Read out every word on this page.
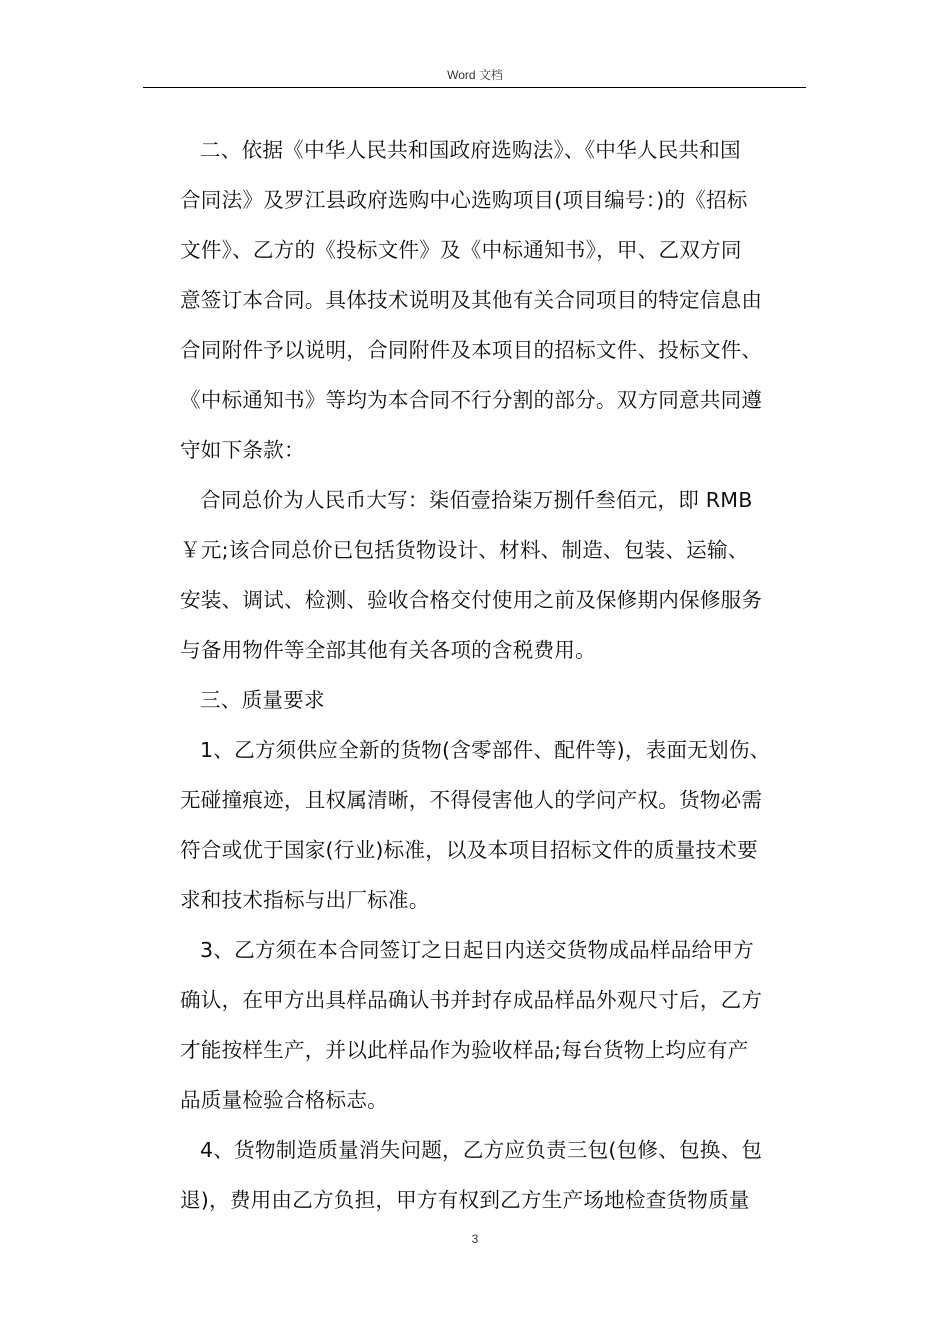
Word 文档

二、依据《中华人民共和国政府选购法》、《中华人民共和国
合同法》及罗江县政府选购中心选购项目(项目编号：)的《招标
文件》、乙方的《投标文件》及《中标通知书》，甲、乙双方同
意签订本合同。具体技术说明及其他有关合同项目的特定信息由
合同附件予以说明，合同附件及本项目的招标文件、投标文件、
《中标通知书》等均为本合同不行分割的部分。双方同意共同遵
守如下条款：

合同总价为人民币大写：柒佰壹拾柒万捌仟叁佰元，即 RMB
￥元;该合同总价已包括货物设计、材料、制造、包装、运输、
安装、调试、检测、验收合格交付使用之前及保修期内保修服务
与备用物件等全部其他有关各项的含税费用。

三、质量要求

1、乙方须供应全新的货物(含零部件、配件等)，表面无划伤、
无碰撞痕迹，且权属清晰，不得侵害他人的学问产权。货物必需
符合或优于国家(行业)标准，以及本项目招标文件的质量技术要
求和技术指标与出厂标准。

3、乙方须在本合同签订之日起日内送交货物成品样品给甲方
确认，在甲方出具样品确认书并封存成品样品外观尺寸后，乙方
才能按样生产，并以此样品作为验收样品;每台货物上均应有产
品质量检验合格标志。

4、货物制造质量消失问题，乙方应负责三包(包修、包换、包
退)，费用由乙方负担，甲方有权到乙方生产场地检查货物质量

3
